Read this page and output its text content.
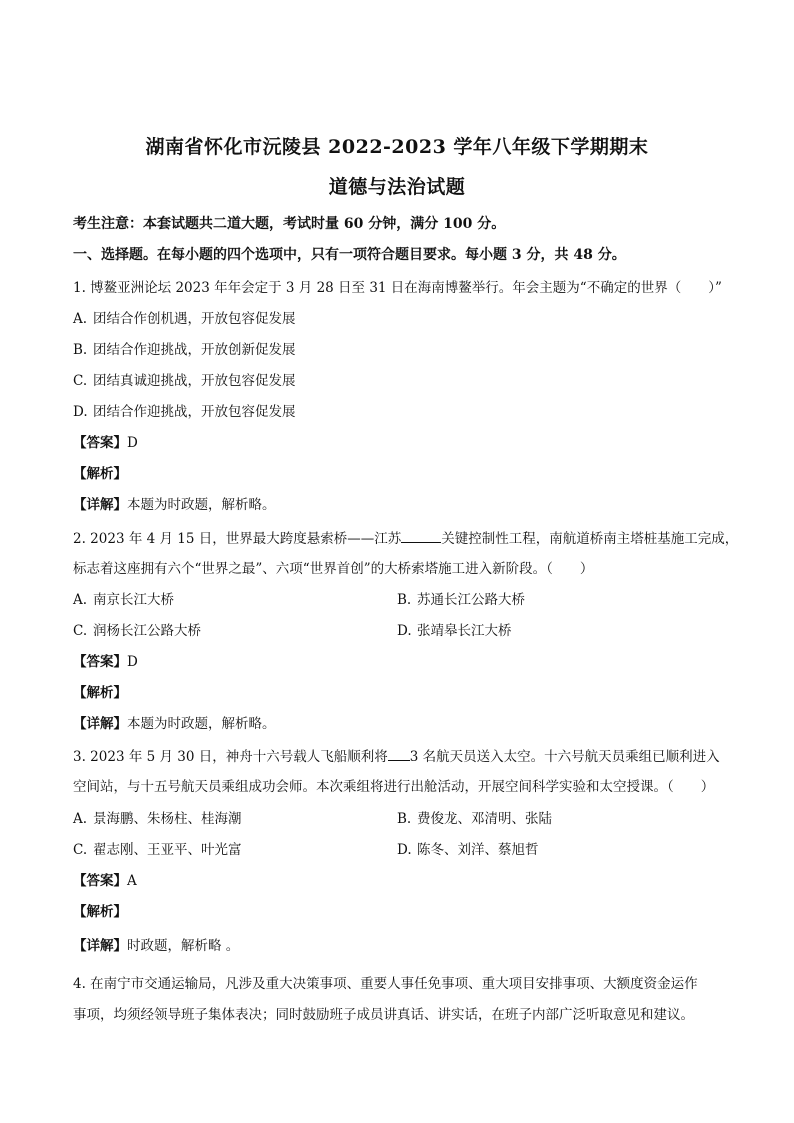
湖南省怀化市沅陵县 2022-2023 学年八年级下学期期末
道德与法治试题
考生注意：本套试题共二道大题，考试时量 60 分钟，满分 100 分。
一、选择题。在每小题的四个选项中，只有一项符合题目要求。每小题 3 分，共 48 分。
1. 博鳌亚洲论坛 2023 年年会定于 3 月 28 日至 31 日在海南博鳌举行。年会主题为“不确定的世界（　　）”
A. 团结合作创机遇，开放包容促发展
B. 团结合作迎挑战，开放创新促发展
C. 团结真诚迎挑战，开放包容促发展
D. 团结合作迎挑战，开放包容促发展
【答案】D
【解析】
【详解】本题为时政题，解析略。
2. 2023 年 4 月 15 日，世界最大跨度悬索桥——江苏	关键控制性工程，南航道桥南主塔桩基施工完成，
标志着这座拥有六个“世界之最”、六项“世界首创”的大桥索塔施工进入新阶段。（　　）
A. 南京长江大桥	B. 苏通长江公路大桥
C. 润杨长江公路大桥	D. 张靖皋长江大桥
【答案】D
【解析】
【详解】本题为时政题，解析略。
3. 2023 年 5 月 30 日，神舟十六号载人飞船顺利将 3 名航天员送入太空。十六号航天员乘组已顺利进入
空间站，与十五号航天员乘组成功会师。本次乘组将进行出舱活动，开展空间科学实验和太空授课。（　　）
A. 景海鹏、朱杨柱、桂海潮	B. 费俊龙、邓清明、张陆
C. 翟志刚、王亚平、叶光富	D. 陈冬、刘洋、蔡旭哲
【答案】A
【解析】
【详解】时政题，解析略 。
4. 在南宁市交通运输局，凡涉及重大决策事项、重要人事任免事项、重大项目安排事项、大额度资金运作
事项，均须经领导班子集体表决；同时鼓励班子成员讲真话、讲实话，在班子内部广泛听取意见和建议。
